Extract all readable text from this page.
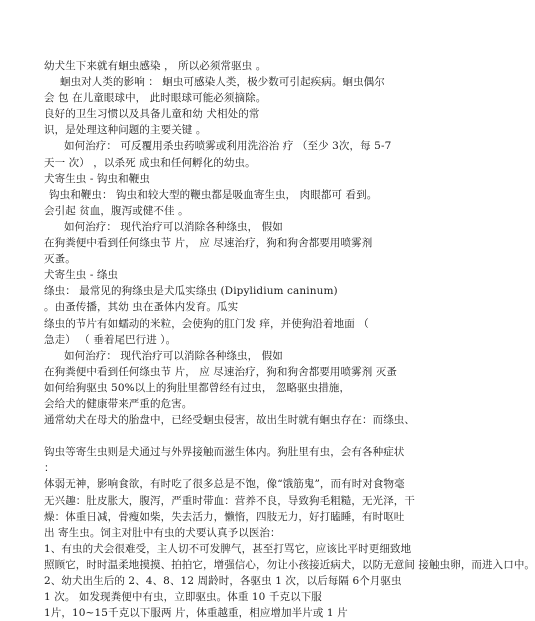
幼犬生下来就有蛔虫感染 ， 所以必须常驱虫 。
蛔虫对人类的影响 ： 蛔虫可感染人类，极少数可引起疾病。蛔虫偶尔
会 包 在儿童眼球中， 此时眼球可能必须摘除。
良好的卫生习惯以及具备儿童和幼 犬相处的常
识，是处理这种问题的主要关键 。
如何治疗： 可反覆用杀虫药喷雾或利用洗浴治 疗 （至少 3次，每 5-7
天一 次） ，以杀死 成虫和任何孵化的幼虫。
犬寄生虫 - 钩虫和鞭虫
钩虫和鞭虫： 钩虫和较大型的鞭虫都是吸血寄生虫， 肉眼都可 看到。
会引起 贫血，腹泻或健不佳 。
如何治疗： 现代治疗可以消除各种绦虫， 假如
在狗粪便中看到任何绦虫节 片， 应 尽速治疗，狗和狗舍都要用喷雾剂
灭蚤。
犬寄生虫 - 绦虫
绦虫： 最常见的狗绦虫是犬瓜实绦虫 (Dipylidium caninum)
。由蚤传播，其幼 虫在蚤体内发育。瓜实
绦虫的节片有如蠕动的米粒，会使狗的肛门发 痒，并使狗沿着地面 （
急走） （ 垂着尾巴行进 ）。
如何治疗： 现代治疗可以消除各种绦虫， 假如
在狗粪便中看到任何绦虫节 片， 应 尽速治疗，狗和狗舍都要用喷雾剂 灭蚤
如何给狗驱虫 50%以上的狗肚里都曾经有过虫， 忽略驱虫措施，
会给犬的健康带来严重的危害。
通常幼犬在母犬的胎盘中，已经受蛔虫侵害，故出生时就有蛔虫存在：而绦虫、
钩虫等寄生虫则是犬通过与外界接触而滋生体内。狗肚里有虫，会有各种症状
：
体弱无神，影响食欲，有时吃了很多总是不饱，像“饿筋鬼”，而有时对食物毫
无兴趣：肚皮胀大，腹泻，严重时带血：营养不良，导致狗毛粗糙，无光泽，干
燥：体重日减，骨瘦如柴，失去活力，懒惰，四肢无力，好打瞌睡，有时呕吐
出 寄生虫。饲主对肚中有虫的犬要认真予以医治：
1、有虫的犬会很难受，主人切不可发脾气，甚至打骂它，应该比平时更细致地
照顾它，时时温柔地摸摸、拍拍它，增强信心，勿让小孩接近病犬，以防无意间 接触虫卵，而进入口中。
2、幼犬出生后的 2、4、8、12 周龄时，各驱虫 1 次，以后每隔 6个月驱虫
1 次。 如发现粪便中有虫，立即驱虫。体重 10 千克以下服
1片，10~15千克以下服两 片，体重越重，相应增加半片或 1 片
